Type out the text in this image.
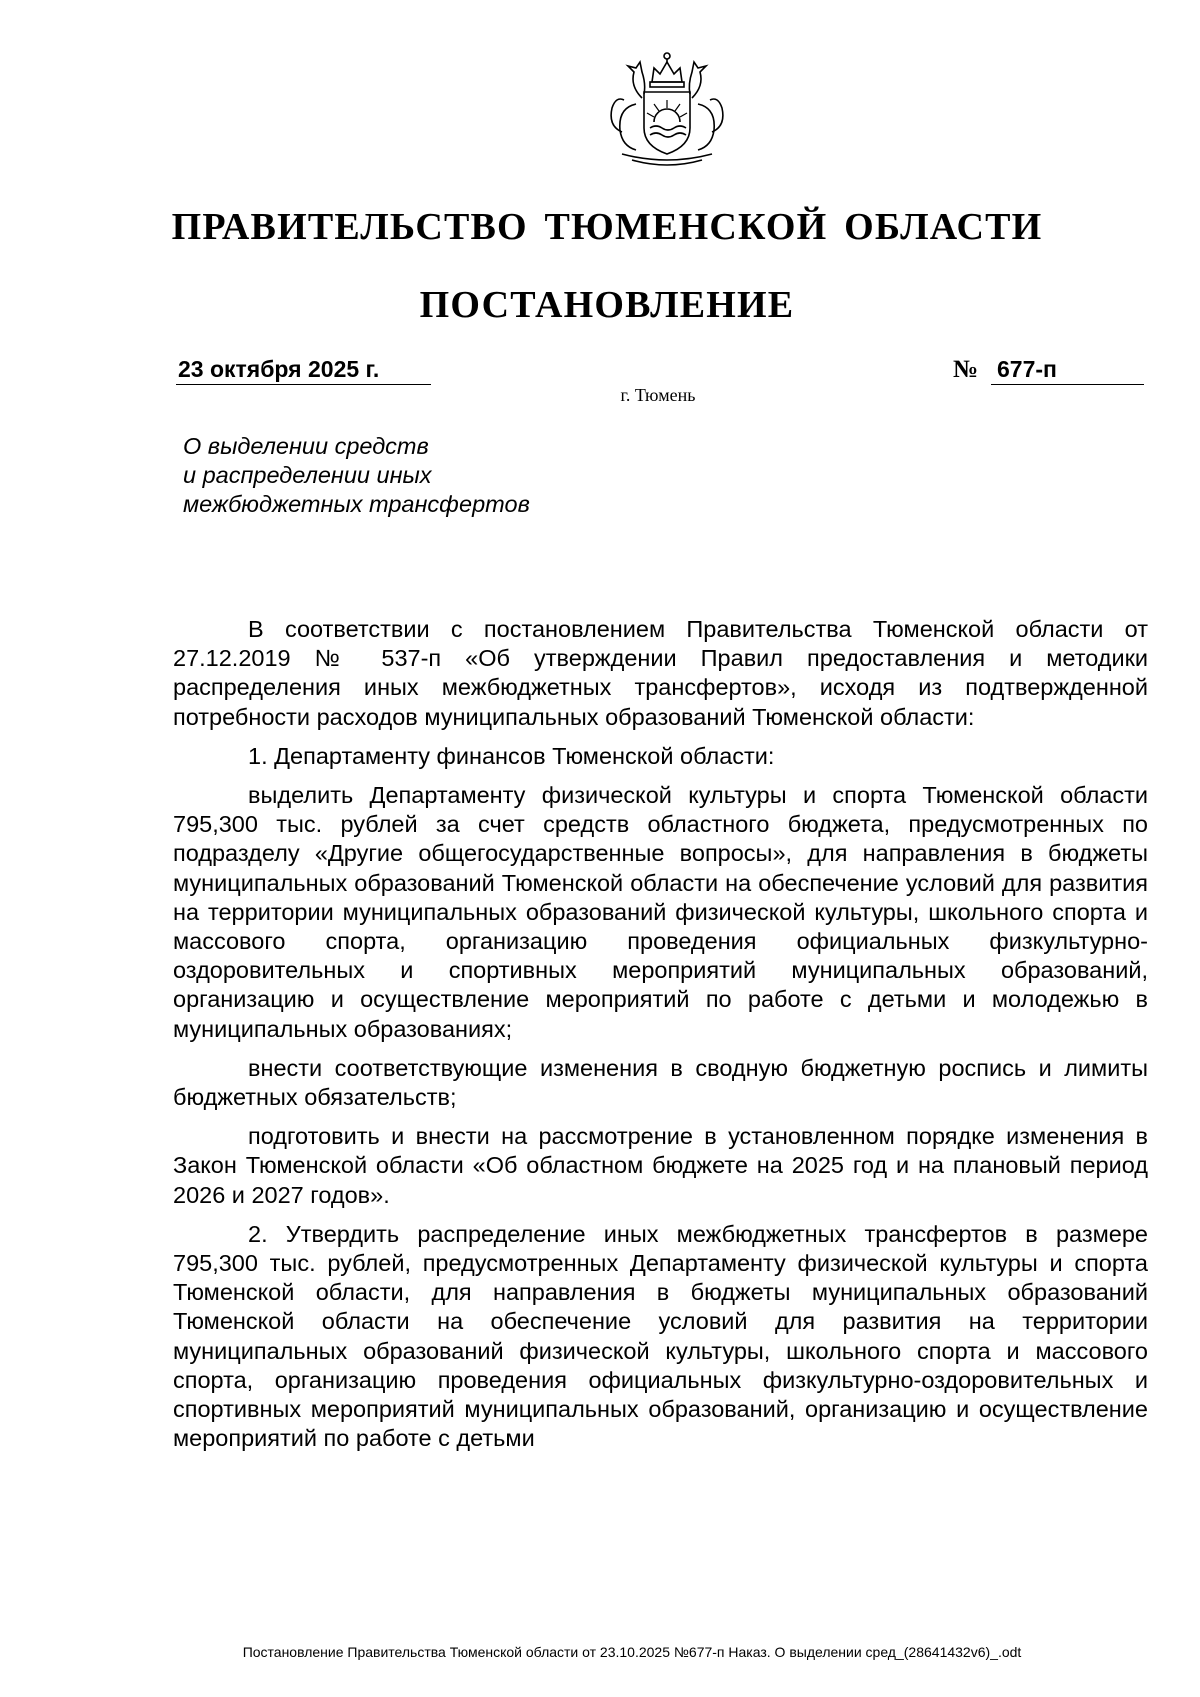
ПРАВИТЕЛЬСТВО ТЮМЕНСКОЙ ОБЛАСТИ
ПОСТАНОВЛЕНИЕ
23 октября 2025 г.	№ 677-п
г. Тюмень
О выделении средств
и распределении иных
межбюджетных трансфертов

В соответствии с постановлением Правительства Тюменской области от 27.12.2019 № 537-п «Об утверждении Правил предоставления и методики распределения иных межбюджетных трансфертов», исходя из подтвержденной потребности расходов муниципальных образований Тюменской области:

1. Департаменту финансов Тюменской области:

выделить Департаменту физической культуры и спорта Тюменской области 795,300 тыс. рублей за счет средств областного бюджета, предусмотренных по подразделу «Другие общегосударственные вопросы», для направления в бюджеты муниципальных образований Тюменской области на обеспечение условий для развития на территории муниципальных образований физической культуры, школьного спорта и массового спорта, организацию проведения официальных физкультурно-оздоровительных и спортивных мероприятий муниципальных образований, организацию и осуществление мероприятий по работе с детьми и молодежью в муниципальных образованиях;

внести соответствующие изменения в сводную бюджетную роспись и лимиты бюджетных обязательств;

подготовить и внести на рассмотрение в установленном порядке изменения в Закон Тюменской области «Об областном бюджете на 2025 год и на плановый период 2026 и 2027 годов».

2. Утвердить распределение иных межбюджетных трансфертов в размере 795,300 тыс. рублей, предусмотренных Департаменту физической культуры и спорта Тюменской области, для направления в бюджеты муниципальных образований Тюменской области на обеспечение условий для развития на территории муниципальных образований физической культуры, школьного спорта и массового спорта, организацию проведения официальных физкультурно-оздоровительных и спортивных мероприятий муниципальных образований, организацию и осуществление мероприятий по работе с детьми

Постановление Правительства Тюменской области от 23.10.2025 №677-п Наказ. О выделении сред_(28641432v6)_.odt
